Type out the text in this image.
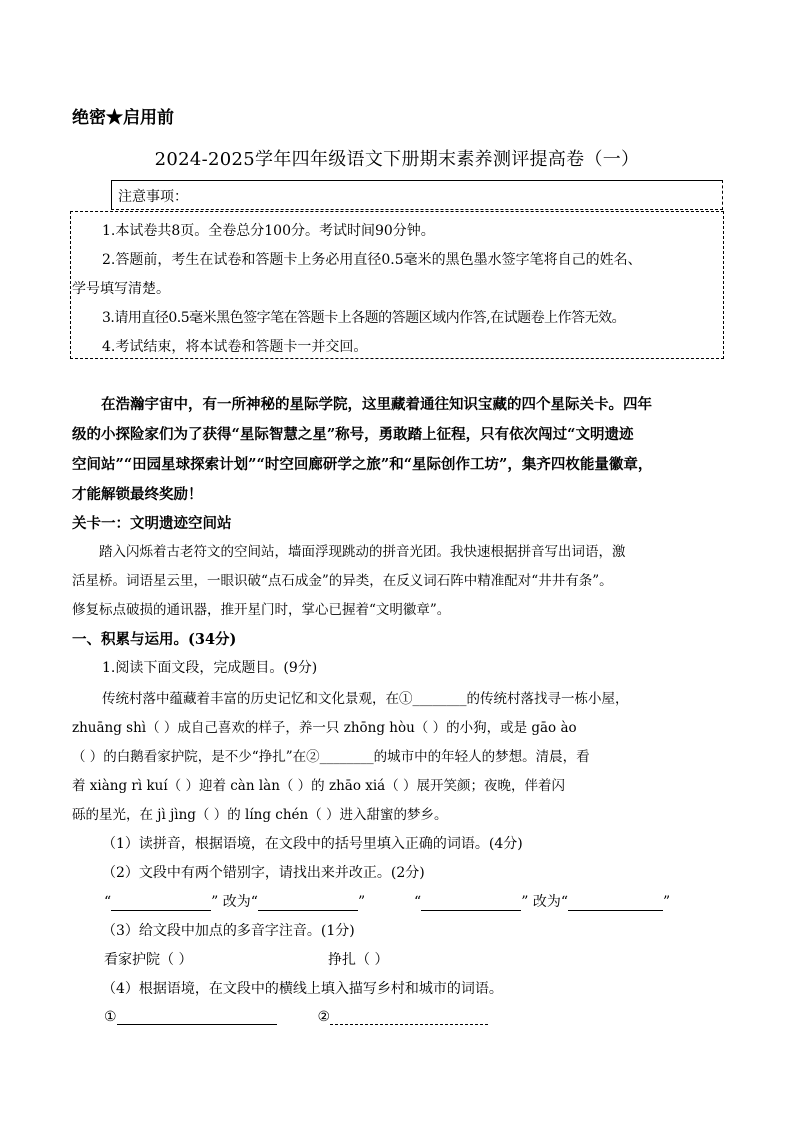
绝密★启用前
2024-2025学年四年级语文下册期末素养测评提高卷（一）
注意事项：
1.本试卷共8页。全卷总分100分。考试时间90分钟。
2.答题前，考生在试卷和答题卡上务必用直径0.5毫米的黑色墨水签字笔将自己的姓名、
学号填写清楚。
3.请用直径0.5毫米黑色签字笔在答题卡上各题的答题区域内作答,在试题卷上作答无效。
4.考试结束，将本试卷和答题卡一并交回。
在浩瀚宇宙中，有一所神秘的星际学院，这里藏着通往知识宝藏的四个星际关卡。四年
级的小探险家们为了获得“星际智慧之星”称号，勇敢踏上征程，只有依次闯过“文明遗迹
空间站”“田园星球探索计划”“时空回廊研学之旅”和“星际创作工坊”，集齐四枚能量徽章，
才能解锁最终奖励！
关卡一：文明遗迹空间站
踏入闪烁着古老符文的空间站，墙面浮现跳动的拼音光团。我快速根据拼音写出词语，激
活星桥。词语星云里，一眼识破“点石成金”的异类，在反义词石阵中精准配对“井井有条”。
修复标点破损的通讯器，推开星门时，掌心已握着“文明徽章”。
一、积累与运用。(34分)
1.阅读下面文段，完成题目。(9分)
传统村落中蕴藏着丰富的历史记忆和文化景观，在①________的传统村落找寻一栋小屋，
zhuāng shì（ ）成自己喜欢的样子，养一只 zhōng hòu（ ）的小狗，或是 gāo ào
（ ）的白鹅看家护院，是不少“挣扎”在②________的城市中的年轻人的梦想。清晨，看
着 xiàng rì kuí（ ）迎着 càn làn（ ）的 zhāo xiá（ ）展开笑颜；夜晚，伴着闪
砾的星光，在 jì jìng（ ）的 líng chén（ ）进入甜蜜的梦乡。
（1）读拼音，根据语境，在文段中的括号里填入正确的词语。(4分)
（2）文段中有两个错别字，请找出来并改正。(2分)
“	” 改为“	”	“	” 改为“	”
（3）给文段中加点的多音字注音。(1分)
看家护院（ ）	挣扎（ ）
（4）根据语境，在文段中的横线上填入描写乡村和城市的词语。
①	②
